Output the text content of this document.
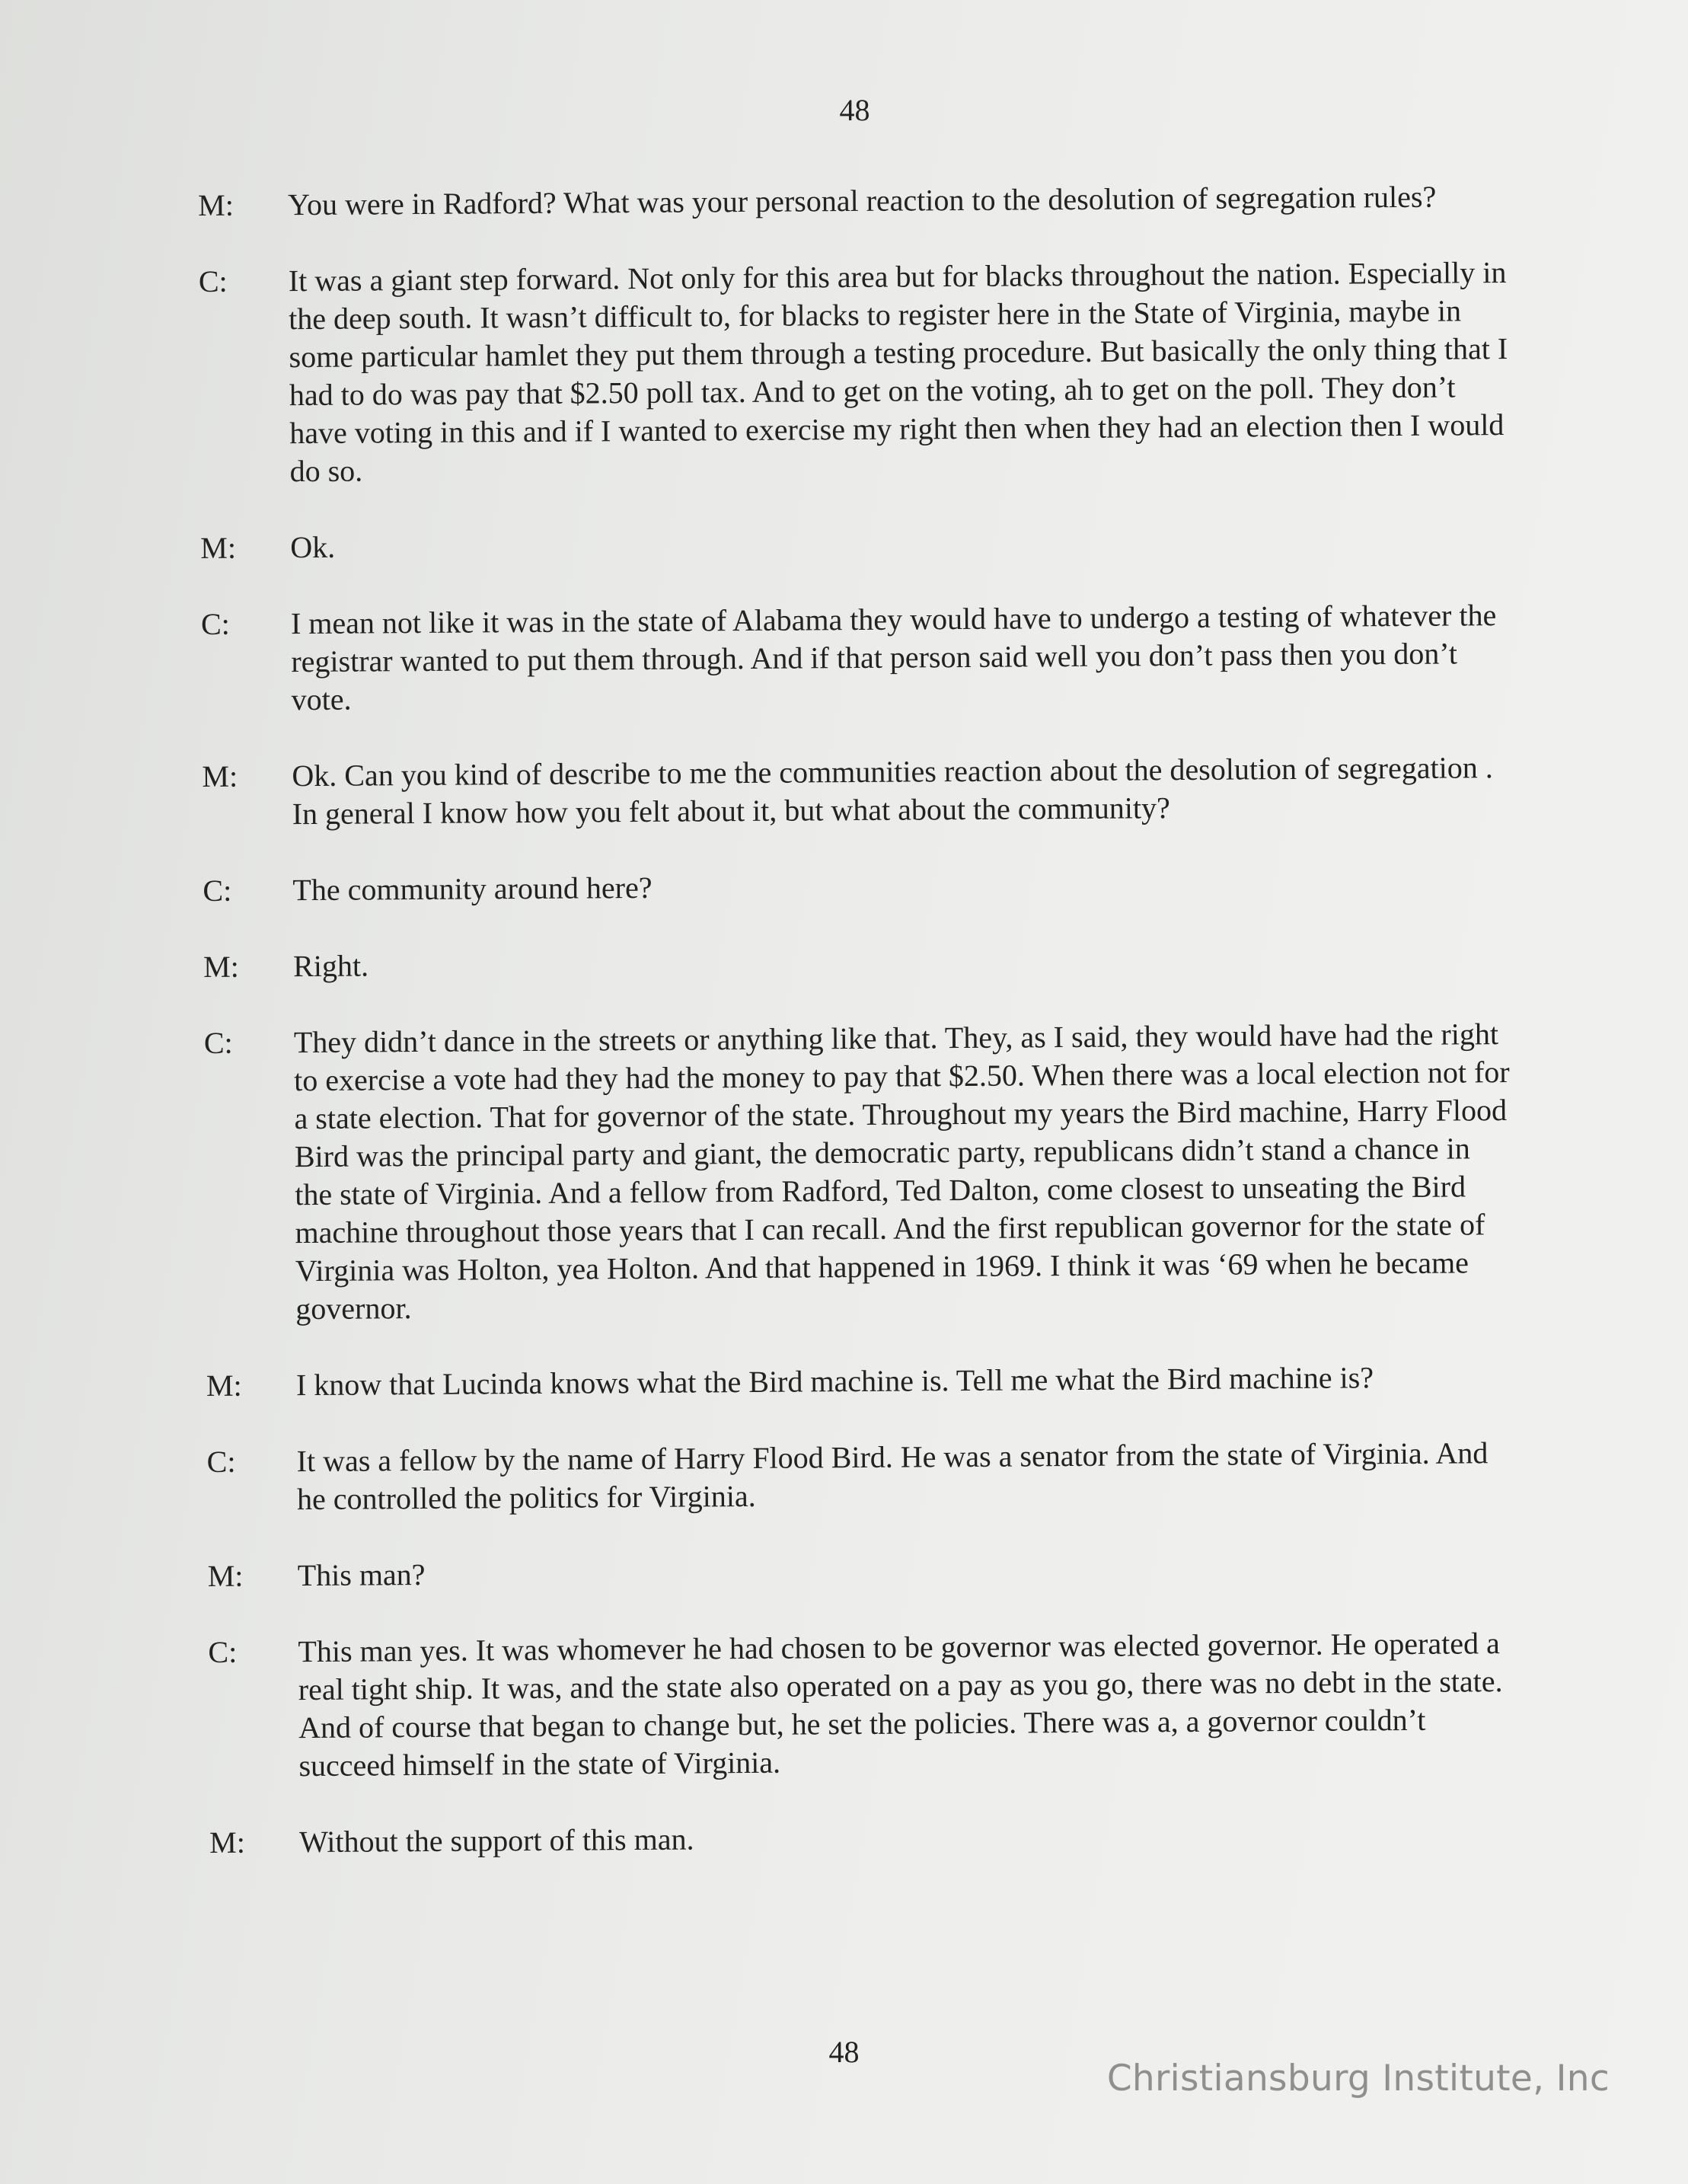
48
M:	You were in Radford? What was your personal reaction to the desolution of segregation rules?

C:	It was a giant step forward. Not only for this area but for blacks throughout the nation. Especially in the deep south. It wasn’t difficult to, for blacks to register here in the State of Virginia, maybe in some particular hamlet they put them through a testing procedure. But basically the only thing that I had to do was pay that $2.50 poll tax. And to get on the voting, ah to get on the poll. They don’t have voting in this and if I wanted to exercise my right then when they had an election then I would do so.

M:	Ok.

C:	I mean not like it was in the state of Alabama they would have to undergo a testing of whatever the registrar wanted to put them through. And if that person said well you don’t pass then you don’t vote.

M:	Ok. Can you kind of describe to me the communities reaction about the desolution of segregation . In general I know how you felt about it, but what about the community?

C:	The community around here?

M:	Right.

C:	They didn’t dance in the streets or anything like that. They, as I said, they would have had the right to exercise a vote had they had the money to pay that $2.50. When there was a local election not for a state election. That for governor of the state. Throughout my years the Bird machine, Harry Flood Bird was the principal party and giant, the democratic party, republicans didn’t stand a chance in the state of Virginia. And a fellow from Radford, Ted Dalton, come closest to unseating the Bird machine throughout those years that I can recall. And the first republican governor for the state of Virginia was Holton, yea Holton. And that happened in 1969. I think it was ‘69 when he became governor.

M:	I know that Lucinda knows what the Bird machine is. Tell me what the Bird machine is?

C:	It was a fellow by the name of Harry Flood Bird. He was a senator from the state of Virginia. And he controlled the politics for Virginia.

M:	This man?

C:	This man yes. It was whomever he had chosen to be governor was elected governor. He operated a real tight ship. It was, and the state also operated on a pay as you go, there was no debt in the state. And of course that began to change but, he set the policies. There was a, a governor couldn’t succeed himself in the state of Virginia.

M:	Without the support of this man.

48
Christiansburg Institute, Inc
